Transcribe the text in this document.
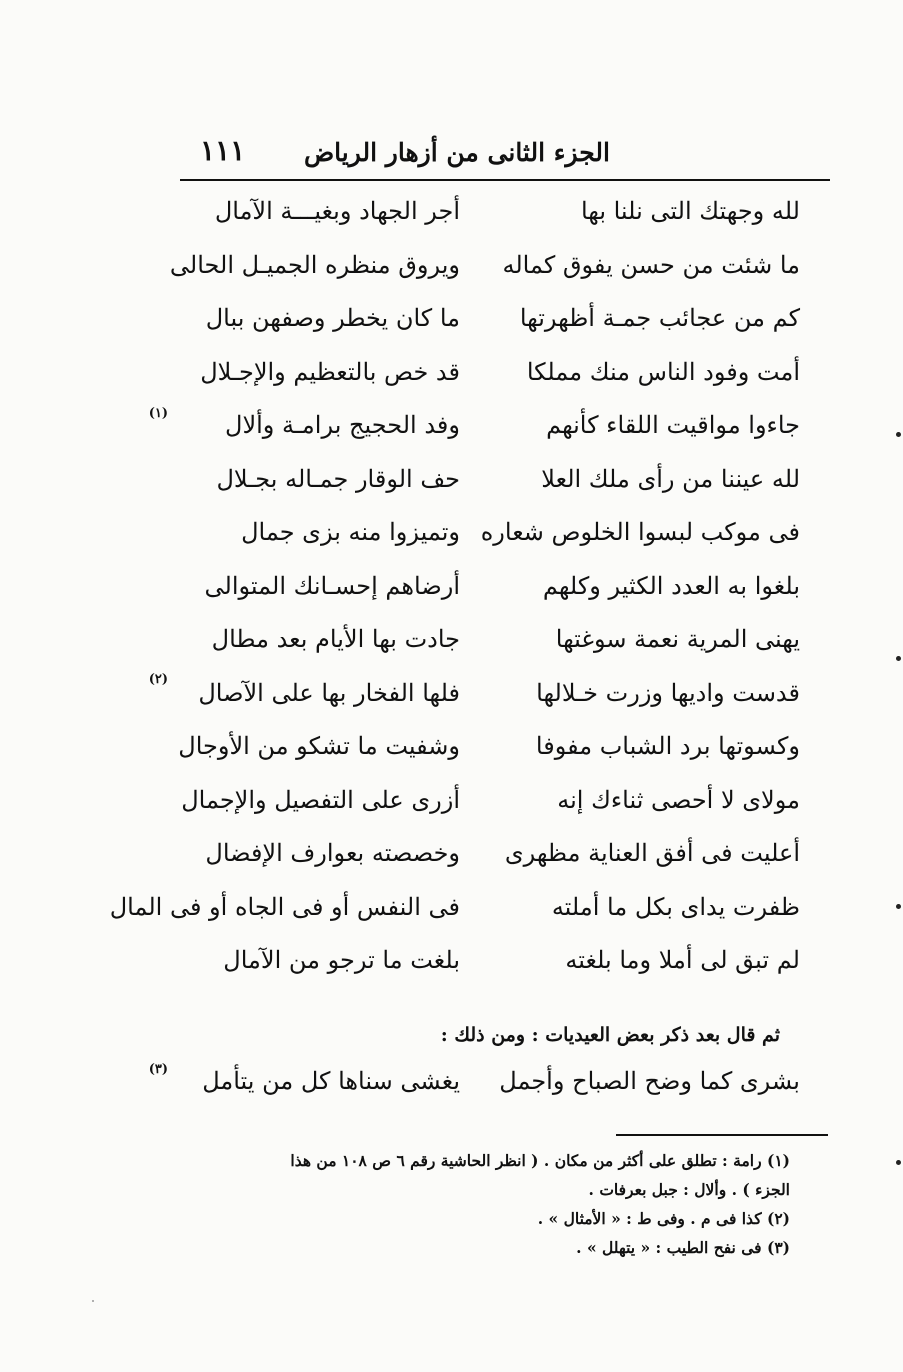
الجزء الثانى من أزهار الرياض
١١١
لله وجهتك التى نلنا بها
أجر الجهاد وبغيـــة الآمال
ما شئت من حسن يفوق كماله
ويروق منظره الجميـل الحالى
كم من عجائب جمـة أظهرتها
ما كان يخطر وصفهن ببال
أمت وفود الناس منك مملكا
قد خص بالتعظيم والإجـلال
جاءوا مواقيت اللقاء كأنهم
وفد الحجيج برامـة وألال
(١)
لله عيننا من رأى ملك العلا
حف الوقار جمـاله بجـلال
فى موكب لبسوا الخلوص شعاره
وتميزوا منه بزى جمال
بلغوا به العدد الكثير وكلهم
أرضاهم إحسـانك المتوالى
يهنى المرية نعمة سوغتها
جادت بها الأيام بعد مطال
قدست واديها وزرت خـلالها
فلها الفخار بها على الآصال
(٢)
وكسوتها برد الشباب مفوفا
وشفيت ما تشكو من الأوجال
مولاى لا أحصى ثناءك إنه
أزرى على التفصيل والإجمال
أعليت فى أفق العناية مظهرى
وخصصته بعوارف الإفضال
ظفرت يداى بكل ما أملته
فى النفس أو فى الجاه أو فى المال
لم تبق لى أملا وما بلغته
بلغت ما ترجو من الآمال
ثم قال بعد ذكر بعض العيديات : ومن ذلك :
بشرى كما وضح الصباح وأجمل
يغشى سناها كل من يتأمل
(٣)
(١) رامة : تطلق على أكثر من مكان . ( انظر الحاشية رقم ٦ ص ١٠٨ من هذا
الجزء ) . وألال : جبل بعرفات .
(٢) كذا فى م . وفى ط : « الأمثال » .
(٣) فى نفح الطيب : « يتهلل » .
